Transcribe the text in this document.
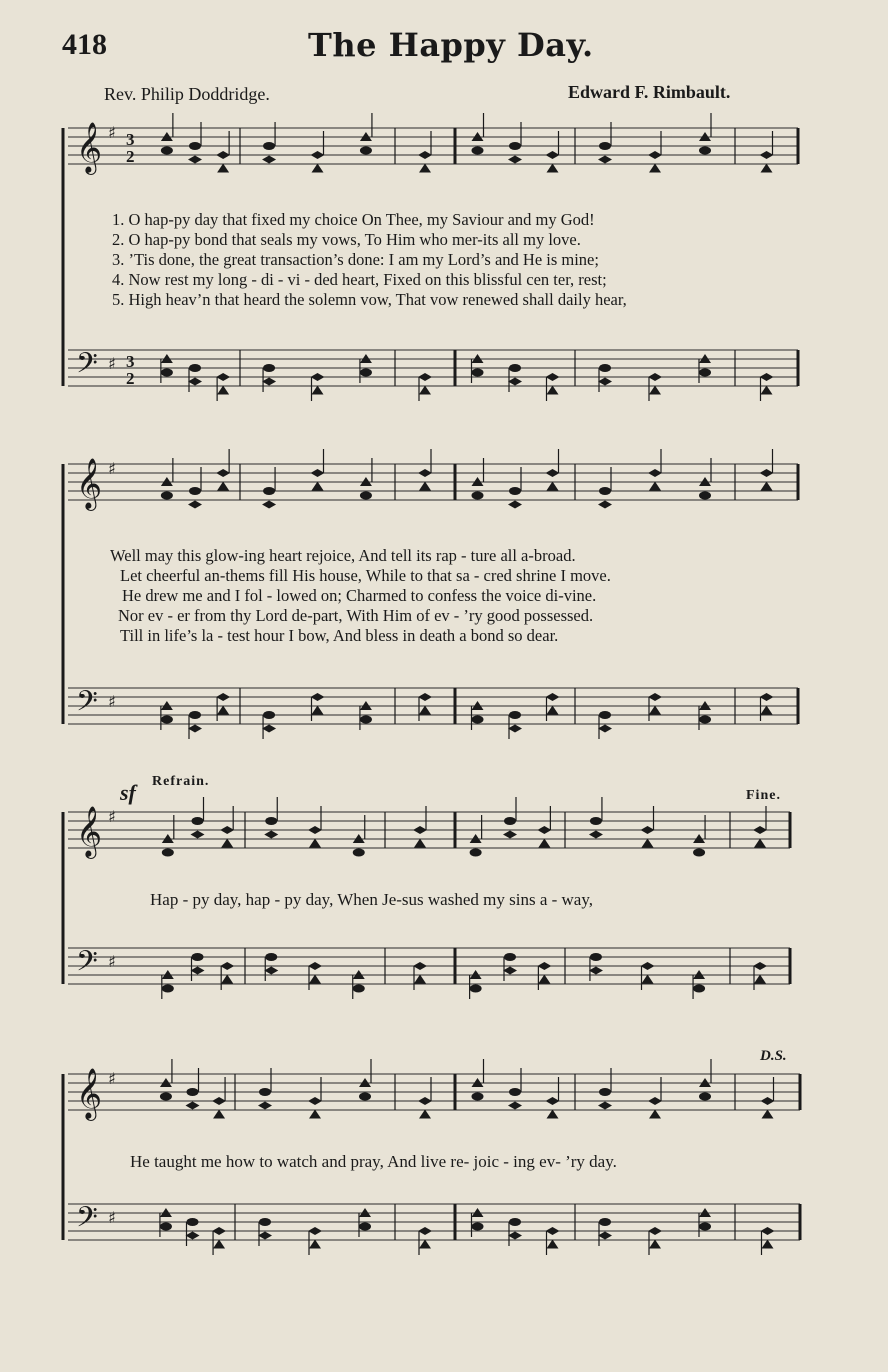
418	The Happy Day.
Rev. Philip Doddridge.	Edward F. Rimbault.
𝄞 ♯ 3
2
𝄢 ♯ 3
2
𝄞 ♯
𝄢 ♯
𝄞 ♯
𝄢 ♯
𝄞 ♯
𝄢 ♯
1. O hap-py day that fixed my choice On Thee, my Saviour and my God!
2. O hap-py bond that seals my vows, To Him who mer-its all my love.
3. ’Tis done, the great transaction’s done: I am my Lord’s and He is mine;
4. Now rest my long - di - vi - ded heart, Fixed on this blissful cen ter, rest;
5. High heav’n that heard the solemn vow, That vow renewed shall daily hear,
Well may this glow-ing heart rejoice, And tell its rap - ture all a-broad.
Let cheerful an-thems fill His house, While to that sa - cred shrine I move.
He drew me and I fol - lowed on; Charmed to confess the voice di-vine.
Nor ev - er from thy Lord de-part, With Him of ev - ’ry good possessed.
Till in life’s la - test hour I bow, And bless in death a bond so dear.
sf Refrain.
Fine.
D.S.
Hap - py day, hap - py day, When Je-sus washed my sins a - way,
He taught me how to watch and pray, And live re- joic - ing ev- ’ry day.
